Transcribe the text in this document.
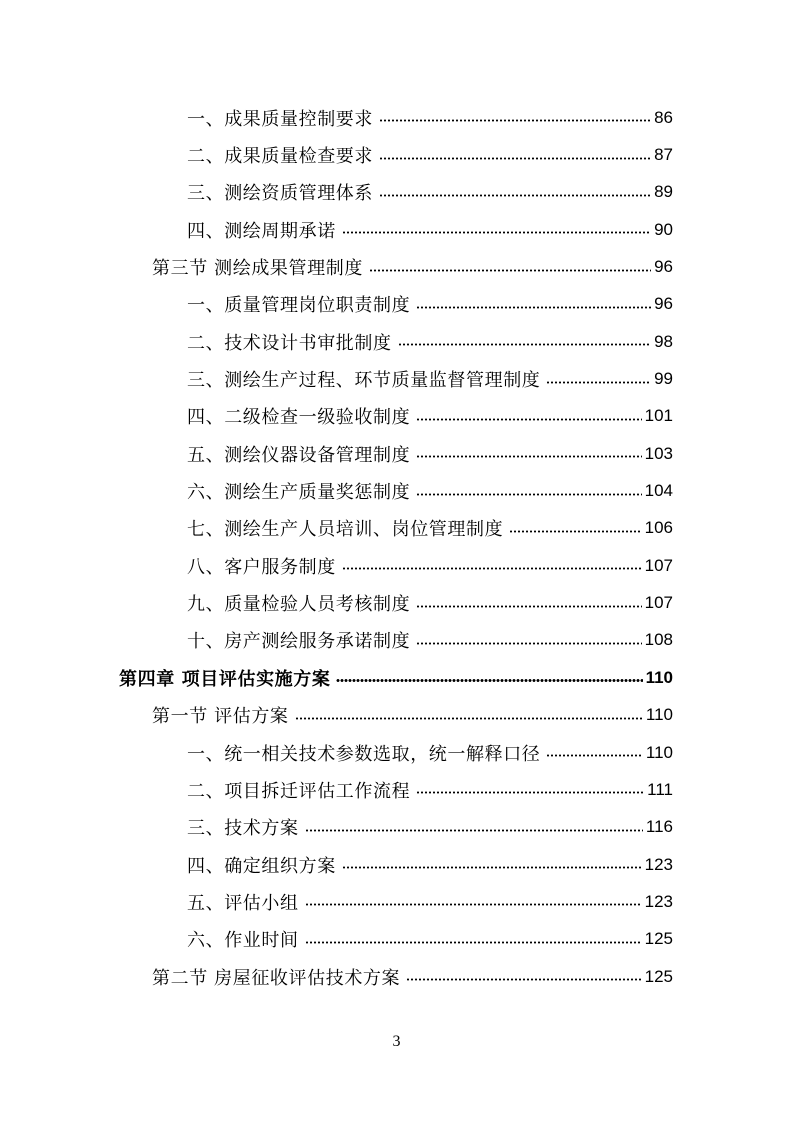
一、成果质量控制要求	86
二、成果质量检查要求	87
三、测绘资质管理体系	89
四、测绘周期承诺	90
第三节 测绘成果管理制度	96
一、质量管理岗位职责制度	96
二、技术设计书审批制度	98
三、测绘生产过程、环节质量监督管理制度	99
四、二级检查一级验收制度	101
五、测绘仪器设备管理制度	103
六、测绘生产质量奖惩制度	104
七、测绘生产人员培训、岗位管理制度	106
八、客户服务制度	107
九、质量检验人员考核制度	107
十、房产测绘服务承诺制度	108
第四章 项目评估实施方案	110
第一节 评估方案	110
一、统一相关技术参数选取，统一解释口径	110
二、项目拆迁评估工作流程	111
三、技术方案	116
四、确定组织方案	123
五、评估小组	123
六、作业时间	125
第二节 房屋征收评估技术方案	125
3
